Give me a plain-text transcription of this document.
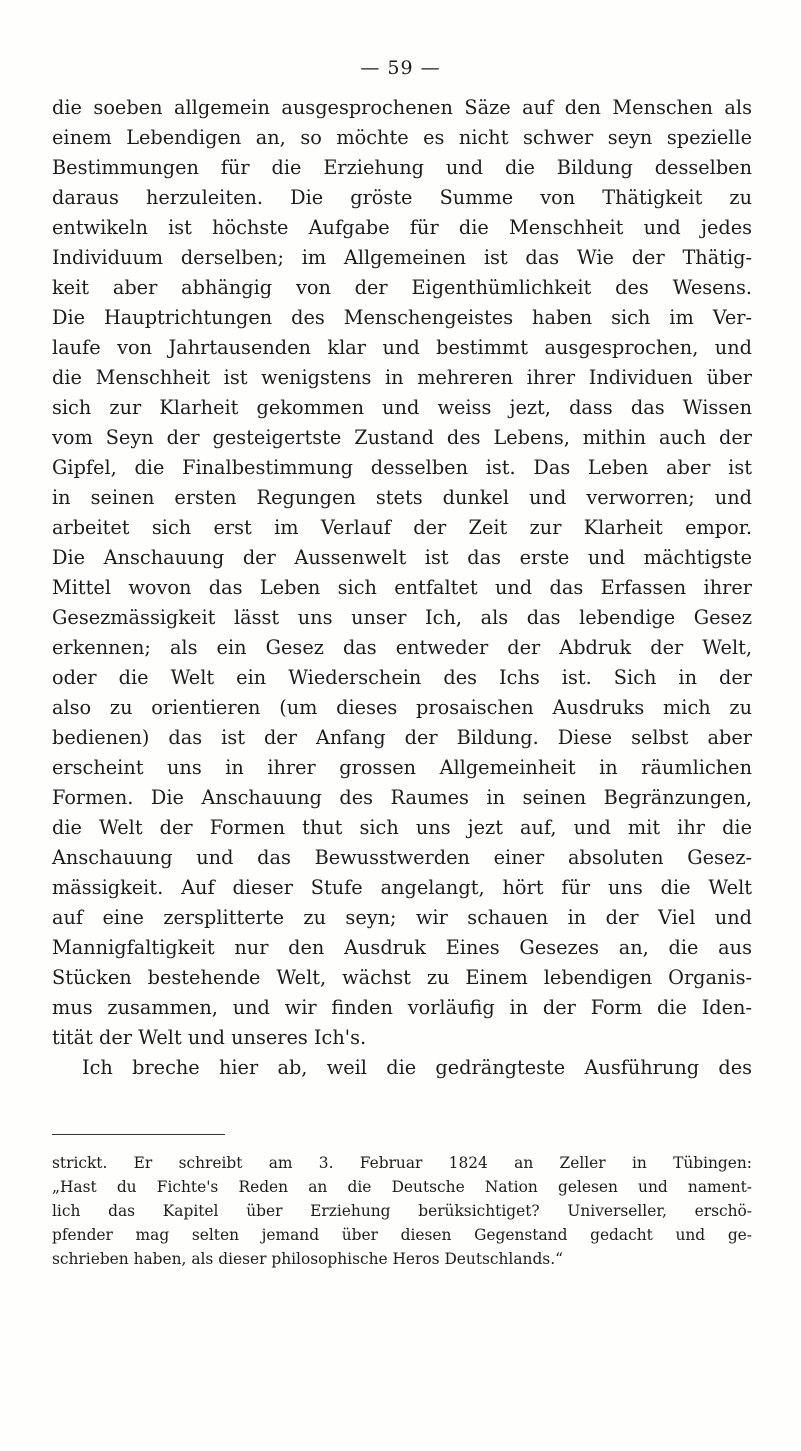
— 59 —
die soeben allgemein ausgesprochenen Säze auf den Menschen als
einem Lebendigen an, so möchte es nicht schwer seyn spezielle
Bestimmungen für die Erziehung und die Bildung desselben
daraus herzuleiten. Die gröste Summe von Thätigkeit zu
entwikeln ist höchste Aufgabe für die Menschheit und jedes
Individuum derselben; im Allgemeinen ist das Wie der Thätig-
keit aber abhängig von der Eigenthümlichkeit des Wesens.
Die Hauptrichtungen des Menschengeistes haben sich im Ver-
laufe von Jahrtausenden klar und bestimmt ausgesprochen, und
die Menschheit ist wenigstens in mehreren ihrer Individuen über
sich zur Klarheit gekommen und weiss jezt, dass das Wissen
vom Seyn der gesteigertste Zustand des Lebens, mithin auch der
Gipfel, die Finalbestimmung desselben ist. Das Leben aber ist
in seinen ersten Regungen stets dunkel und verworren; und
arbeitet sich erst im Verlauf der Zeit zur Klarheit empor.
Die Anschauung der Aussenwelt ist das erste und mächtigste
Mittel wovon das Leben sich entfaltet und das Erfassen ihrer
Gesezmässigkeit lässt uns unser Ich, als das lebendige Gesez
erkennen; als ein Gesez das entweder der Abdruk der Welt,
oder die Welt ein Wiederschein des Ichs ist. Sich in der
also zu orientieren (um dieses prosaischen Ausdruks mich zu
bedienen) das ist der Anfang der Bildung. Diese selbst aber
erscheint uns in ihrer grossen Allgemeinheit in räumlichen
Formen. Die Anschauung des Raumes in seinen Begränzungen,
die Welt der Formen thut sich uns jezt auf, und mit ihr die
Anschauung und das Bewusstwerden einer absoluten Gesez-
mässigkeit. Auf dieser Stufe angelangt, hört für uns die Welt
auf eine zersplitterte zu seyn; wir schauen in der Viel und
Mannigfaltigkeit nur den Ausdruk Eines Gesezes an, die aus
Stücken bestehende Welt, wächst zu Einem lebendigen Organis-
mus zusammen, und wir finden vorläufig in der Form die Iden-
tität der Welt und unseres Ich's.
Ich breche hier ab, weil die gedrängteste Ausführung des
strickt. Er schreibt am 3. Februar 1824 an Zeller in Tübingen:
„Hast du Fichte's Reden an die Deutsche Nation gelesen und nament-
lich das Kapitel über Erziehung berüksichtiget? Universeller, erschö-
pfender mag selten jemand über diesen Gegenstand gedacht und ge-
schrieben haben, als dieser philosophische Heros Deutschlands.“
